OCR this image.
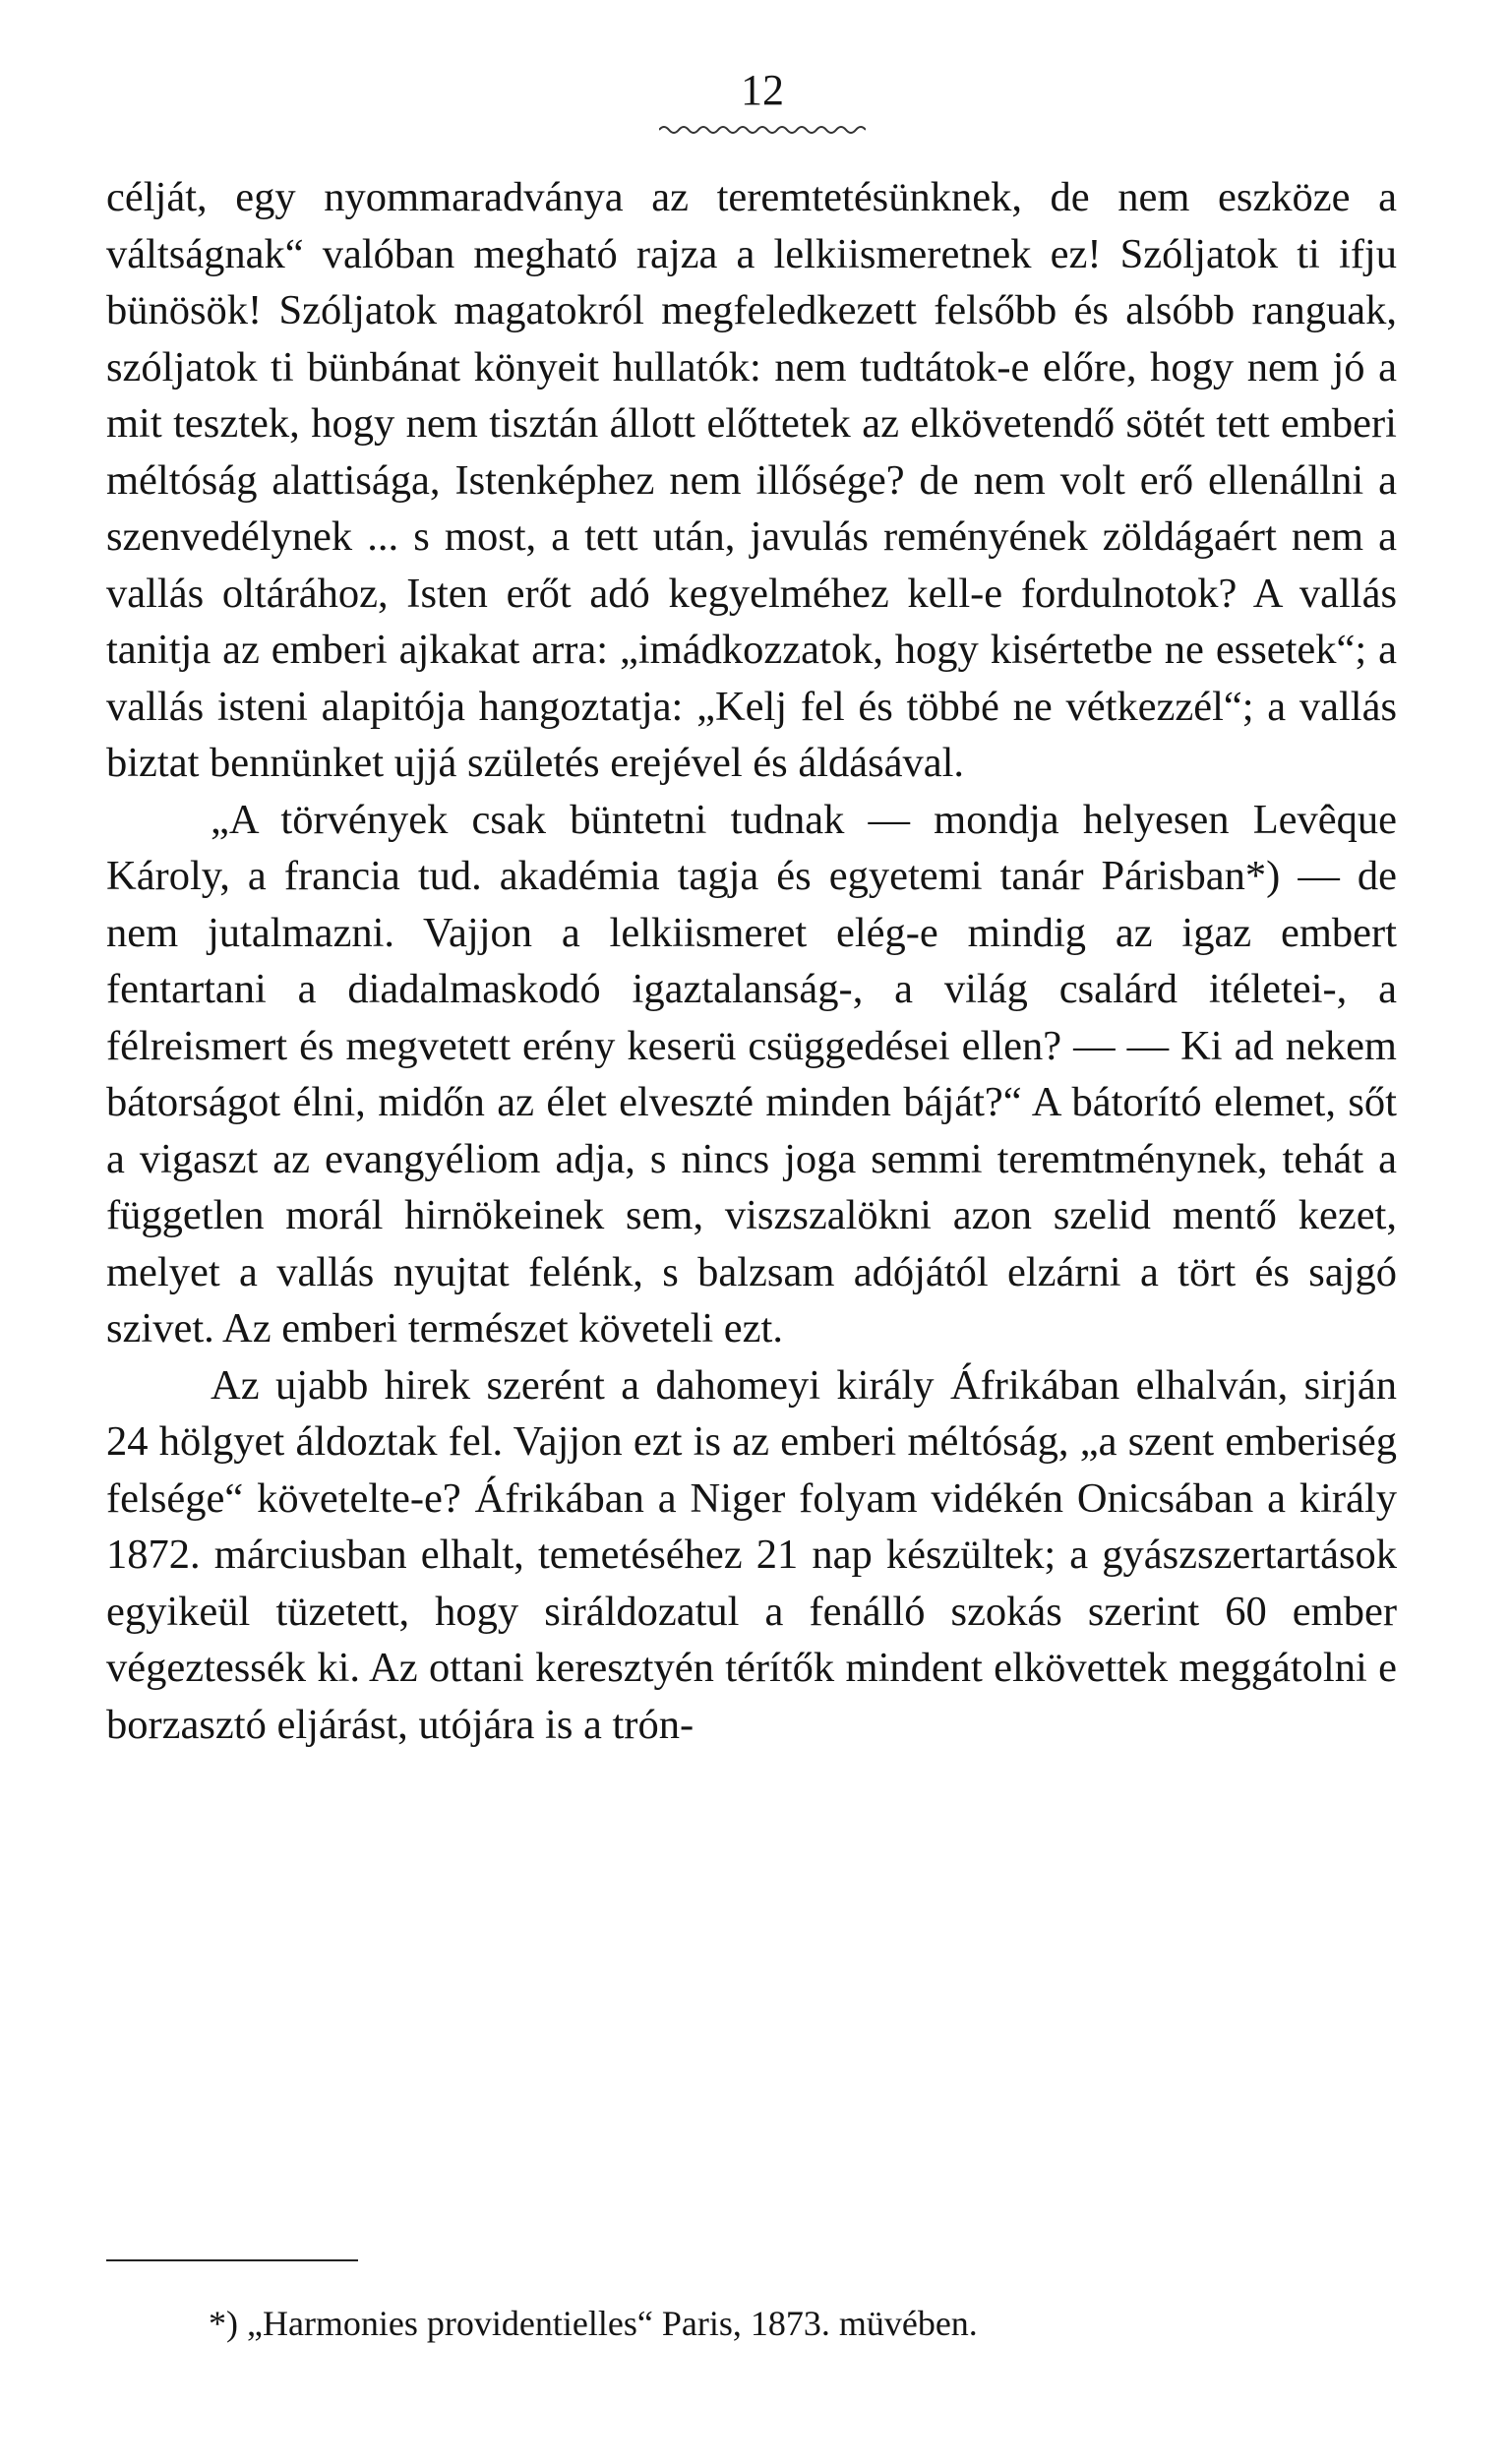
12

célját, egy nyommaradványa az teremtetésünknek, de nem eszköze a váltságnak“ valóban megható rajza a lelkiismeretnek ez! Szóljatok ti ifju bünösök! Szóljatok magatokról megfeledkezett felsőbb és alsóbb ranguak, szóljatok ti bünbánat könyeit hullatók: nem tudtátok-e előre, hogy nem jó a mit tesztek, hogy nem tisztán állott előttetek az elkövetendő sötét tett emberi méltóság alattisága, Istenképhez nem illősége? de nem volt erő ellenállni a szenvedélynek ... s most, a tett után, javulás reményének zöldágaért nem a vallás oltárához, Isten erőt adó kegyelméhez kell-e fordulnotok? A vallás tanitja az emberi ajkakat arra: „imádkozzatok, hogy kisértetbe ne essetek“; a vallás isteni alapitója hangoztatja: „Kelj fel és többé ne vétkezzél“; a vallás biztat bennünket ujjá születés erejével és áldásával.

„A törvények csak büntetni tudnak — mondja helyesen Levêque Károly, a francia tud. akadémia tagja és egyetemi tanár Párisban*) — de nem jutalmazni. Vajjon a lelkiismeret elég-e mindig az igaz embert fentartani a diadalmaskodó igaztalanság-, a világ csalárd itéletei-, a félreismert és megvetett erény keserü csüggedései ellen? — — Ki ad nekem bátorságot élni, midőn az élet elveszté minden báját?“ A bátorító elemet, sőt a vigaszt az evangyéliom adja, s nincs joga semmi teremtménynek, tehát a független morál hirnökeinek sem, viszszalökni azon szelid mentő kezet, melyet a vallás nyujtat felénk, s balzsam adójától elzárni a tört és sajgó szivet. Az emberi természet követeli ezt.

Az ujabb hirek szerént a dahomeyi király Áfrikában elhalván, sirján 24 hölgyet áldoztak fel. Vajjon ezt is az emberi méltóság, „a szent emberiség felsége“ követelte-e? Áfrikában a Niger folyam vidékén Onicsában a király 1872. márciusban elhalt, temetéséhez 21 nap készültek; a gyászszertartások egyikeül tüzetett, hogy siráldozatul a fenálló szokás szerint 60 ember végeztessék ki. Az ottani keresztyén térítők mindent elkövettek meggátolni e borzasztó eljárást, utójára is a trón-

*) „Harmonies providentielles“ Paris, 1873. müvében.
